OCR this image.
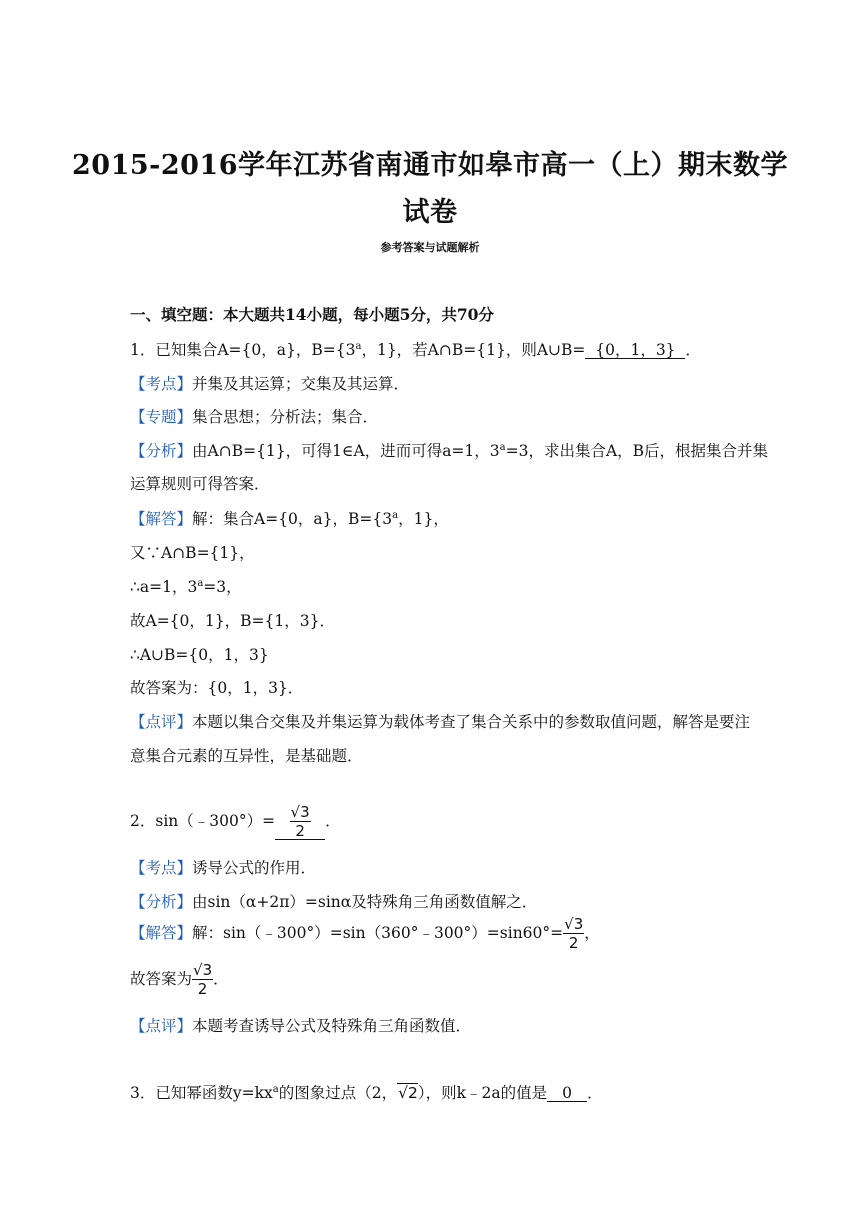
2015-2016学年江苏省南通市如皋市高一（上）期末数学
试卷
参考答案与试题解析
一、填空题：本大题共14小题，每小题5分，共70分
1．已知集合A={0，a}，$B=\{3^a$，1}，若A∩B={1}，则A∪B= {0，1，3} ．
【考点】并集及其运算；交集及其运算．
【专题】集合思想；分析法；集合．
【分析】由A∩B={1}，可得1∈A，进而可得a=1，$3^a=3$，求出集合A，B后，根据集合并集
运算规则可得答案．
【解答】解：集合A={0，a}，$B=\{3^a$，1}，
又∵A∩B={1}，
∴a=1，$3^a=3$，
故A={0，1}，B={1，3}．
∴A∪B={0，1，3}
故答案为：{0，1，3}．
【点评】本题以集合交集及并集运算为载体考查了集合关系中的参数取值问题，解答是要注
意集合元素的互异性，是基础题．
2．sin（﹣300°）= $\frac{√3}{2}$ ．
【考点】诱导公式的作用．
【分析】由sin（α+2π）=sinα及特殊角三角函数值解之．
【解答】解：sin（﹣300°）=sin（360°﹣300°）=sin60°= $\frac{√3}{2}$ ，
故答案为 $\frac{√3}{2}$ ．
【点评】本题考查诱导公式及特殊角三角函数值．
3．已知幂函数$y=kx^a$的图象过点（2，√2），则k﹣2a的值是 0 ．
